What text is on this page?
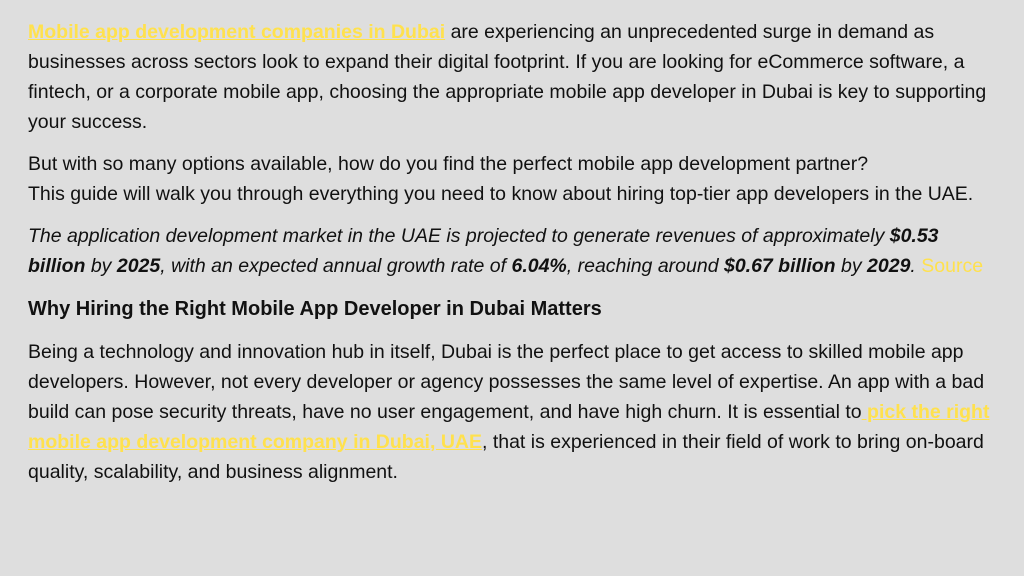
Mobile app development companies in Dubai are experiencing an unprecedented surge in demand as businesses across sectors look to expand their digital footprint. If you are looking for eCommerce software, a fintech, or a corporate mobile app, choosing the appropriate mobile app developer in Dubai is key to supporting your success.

But with so many options available, how do you find the perfect mobile app development partner?
This guide will walk you through everything you need to know about hiring top-tier app developers in the UAE.

The application development market in the UAE is projected to generate revenues of approximately $0.53 billion by 2025, with an expected annual growth rate of 6.04%, reaching around $0.67 billion by 2029. Source

Why Hiring the Right Mobile App Developer in Dubai Matters

Being a technology and innovation hub in itself, Dubai is the perfect place to get access to skilled mobile app developers. However, not every developer or agency possesses the same level of expertise. An app with a bad build can pose security threats, have no user engagement, and have high churn. It is essential to pick the right mobile app development company in Dubai, UAE, that is experienced in their field of work to bring on-board quality, scalability, and business alignment.
